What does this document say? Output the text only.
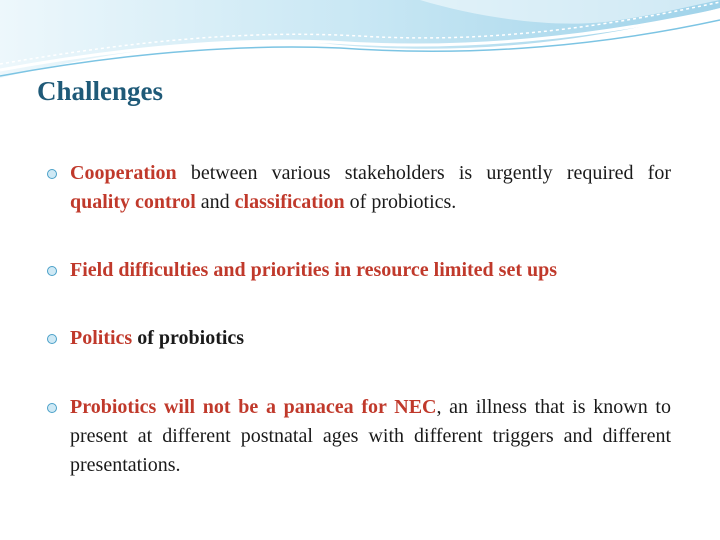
Challenges
Cooperation between various stakeholders is urgently required for quality control and classification of probiotics.
Field difficulties and priorities in resource limited set ups
Politics of probiotics
Probiotics will not be a panacea for NEC, an illness that is known to present at different postnatal ages with different triggers and different presentations.
